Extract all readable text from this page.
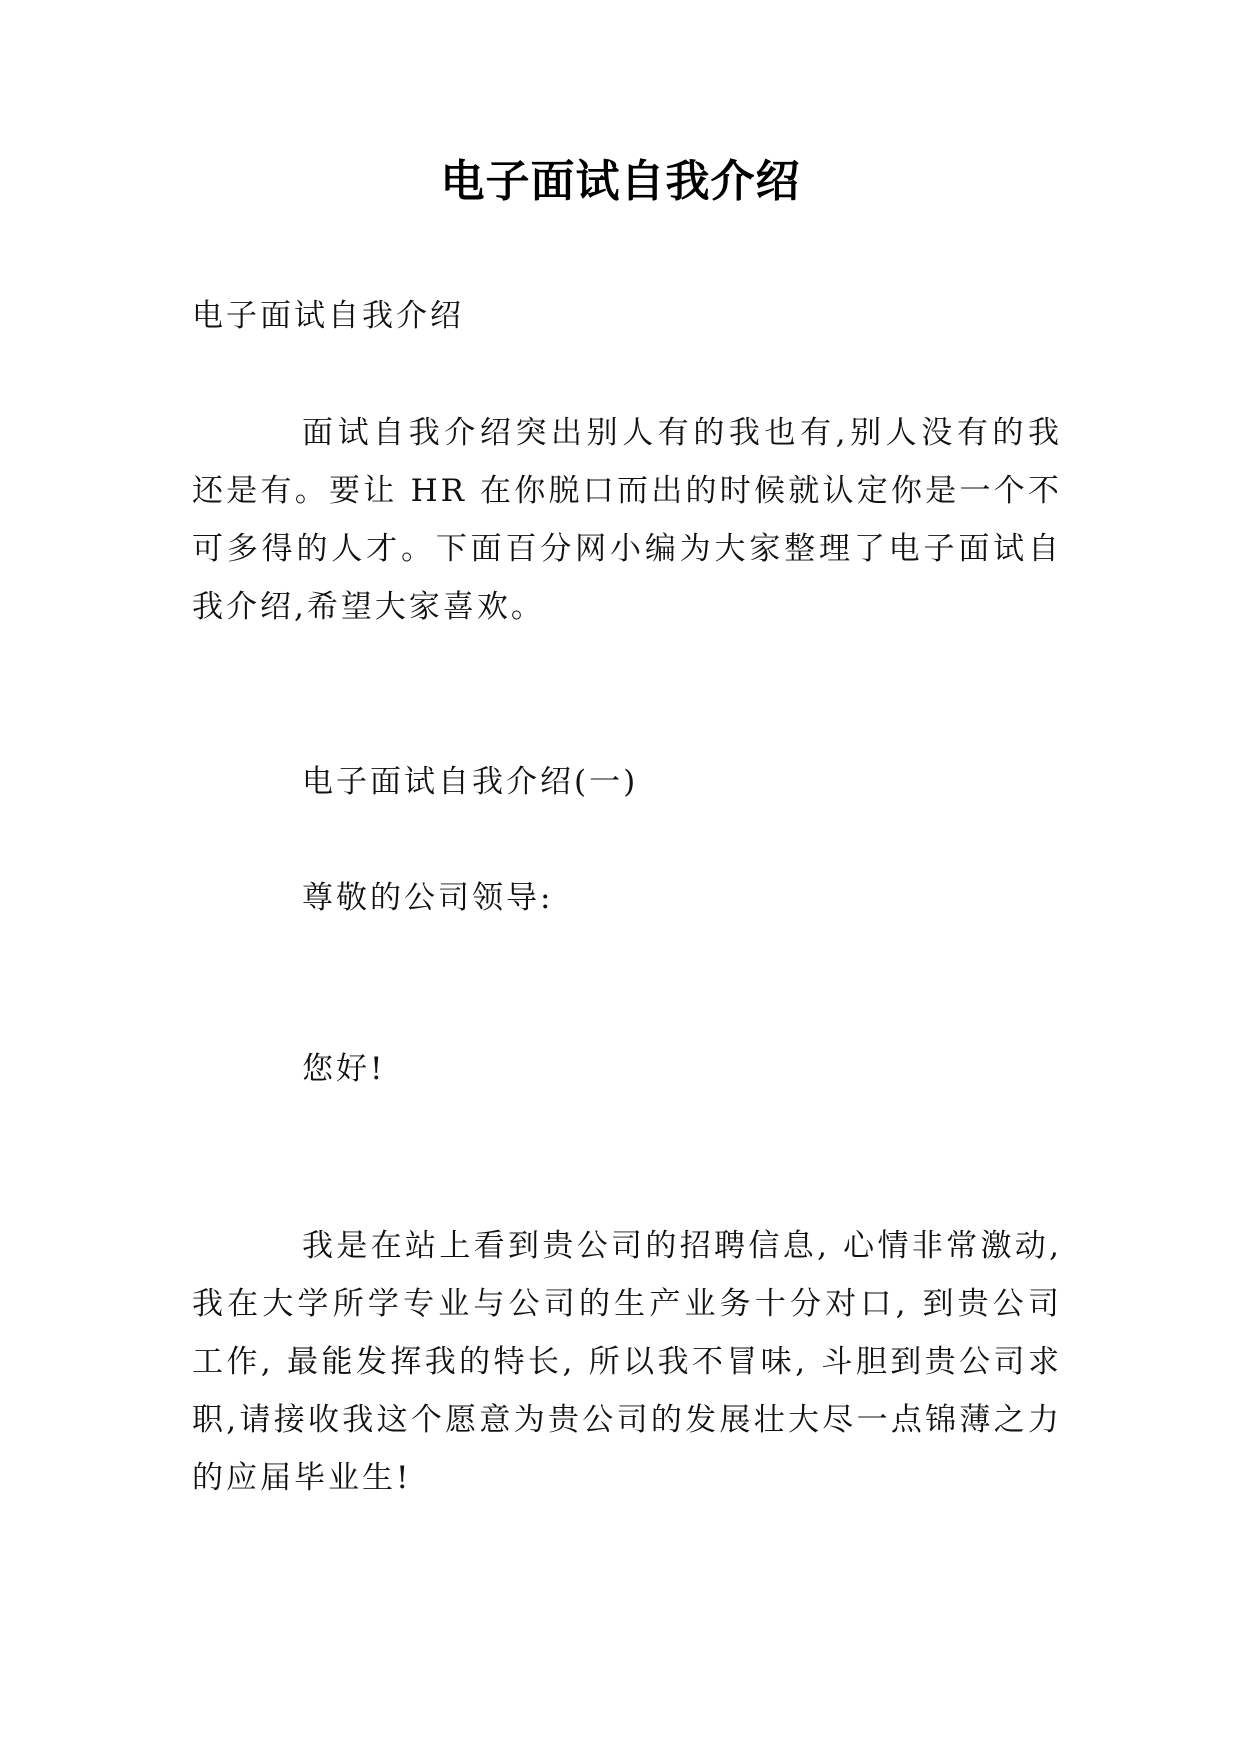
电子面试自我介绍

电子面试自我介绍

面试自我介绍突出别人有的我也有,别人没有的我还是有。要让 HR 在你脱口而出的时候就认定你是一个不可多得的人才。下面百分网小编为大家整理了电子面试自我介绍,希望大家喜欢。

电子面试自我介绍(一)

尊敬的公司领导:

您好!

我是在站上看到贵公司的招聘信息, 心情非常激动,我在大学所学专业与公司的生产业务十分对口, 到贵公司工作, 最能发挥我的特长, 所以我不冒味, 斗胆到贵公司求职,请接收我这个愿意为贵公司的发展壮大尽一点锦薄之力的应届毕业生!
